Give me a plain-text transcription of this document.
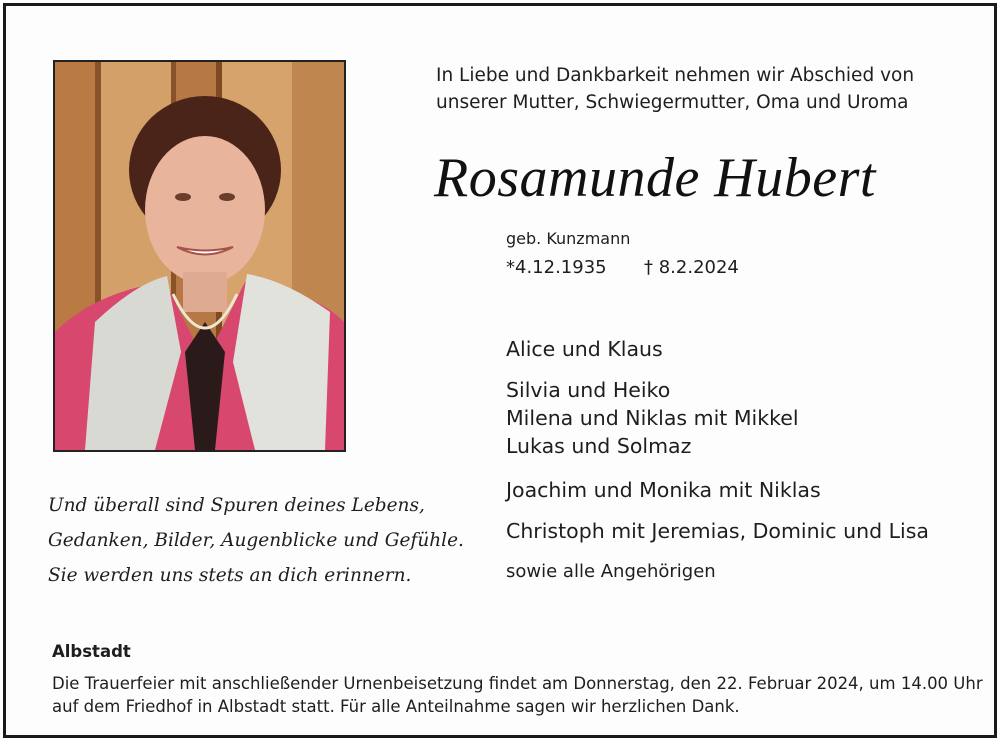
In Liebe und Dankbarkeit nehmen wir Abschied von
unserer Mutter, Schwiegermutter, Oma und Uroma
Rosamunde Hubert
geb. Kunzmann
*4.12.1935 † 8.2.2024
Alice und Klaus
Silvia und Heiko
Milena und Niklas mit Mikkel
Lukas und Solmaz
Joachim und Monika mit Niklas
Christoph mit Jeremias, Dominic und Lisa
sowie alle Angehörigen
Und überall sind Spuren deines Lebens,
Gedanken, Bilder, Augenblicke und Gefühle.
Sie werden uns stets an dich erinnern.
Albstadt
Die Trauerfeier mit anschließender Urnenbeisetzung findet am Donnerstag, den 22. Februar 2024, um 14.00 Uhr
auf dem Friedhof in Albstadt statt. Für alle Anteilnahme sagen wir herzlichen Dank.
